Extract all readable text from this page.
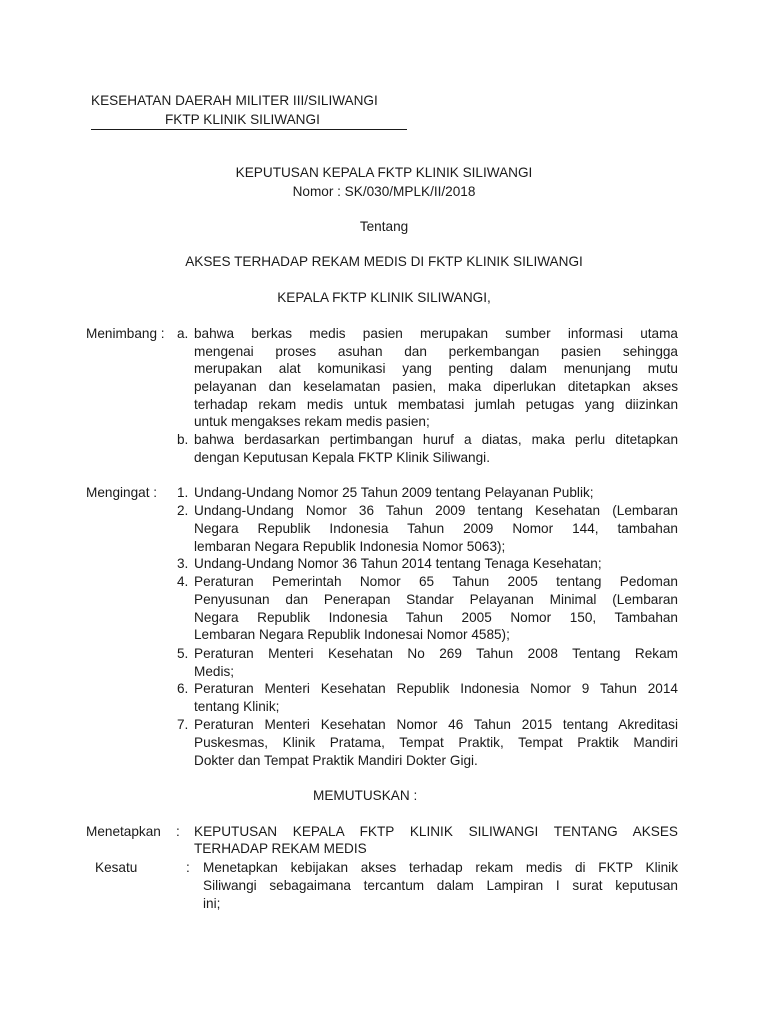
KESEHATAN DAERAH MILITER III/SILIWANGI
FKTP KLINIK SILIWANGI
KEPUTUSAN KEPALA FKTP KLINIK SILIWANGI
Nomor : SK/030/MPLK/II/2018
Tentang
AKSES TERHADAP REKAM MEDIS DI FKTP KLINIK SILIWANGI
KEPALA FKTP KLINIK SILIWANGI,
Menimbang : a. bahwa berkas medis pasien merupakan sumber informasi utama
mengenai proses asuhan dan perkembangan pasien sehingga
merupakan alat komunikasi yang penting dalam menunjang mutu
pelayanan dan keselamatan pasien, maka diperlukan ditetapkan akses
terhadap rekam medis untuk membatasi jumlah petugas yang diizinkan
untuk mengakses rekam medis pasien;
b. bahwa berdasarkan pertimbangan huruf a diatas, maka perlu ditetapkan
dengan Keputusan Kepala FKTP Klinik Siliwangi.
Mengingat : 1. Undang-Undang Nomor 25 Tahun 2009 tentang Pelayanan Publik;
2. Undang-Undang Nomor 36 Tahun 2009 tentang Kesehatan (Lembaran
Negara Republik Indonesia Tahun 2009 Nomor 144, tambahan
lembaran Negara Republik Indonesia Nomor 5063);
3. Undang-Undang Nomor 36 Tahun 2014 tentang Tenaga Kesehatan;
4. Peraturan Pemerintah Nomor 65 Tahun 2005 tentang Pedoman
Penyusunan dan Penerapan Standar Pelayanan Minimal (Lembaran
Negara Republik Indonesia Tahun 2005 Nomor 150, Tambahan
Lembaran Negara Republik Indonesai Nomor 4585);
5. Peraturan Menteri Kesehatan No 269 Tahun 2008 Tentang Rekam
Medis;
6. Peraturan Menteri Kesehatan Republik Indonesia Nomor 9 Tahun 2014
tentang Klinik;
7. Peraturan Menteri Kesehatan Nomor 46 Tahun 2015 tentang Akreditasi
Puskesmas, Klinik Pratama, Tempat Praktik, Tempat Praktik Mandiri
Dokter dan Tempat Praktik Mandiri Dokter Gigi.
MEMUTUSKAN :
Menetapkan : KEPUTUSAN KEPALA FKTP KLINIK SILIWANGI TENTANG AKSES
TERHADAP REKAM MEDIS
Kesatu	: Menetapkan kebijakan akses terhadap rekam medis di FKTP Klinik
Siliwangi sebagaimana tercantum dalam Lampiran I surat keputusan
ini;
